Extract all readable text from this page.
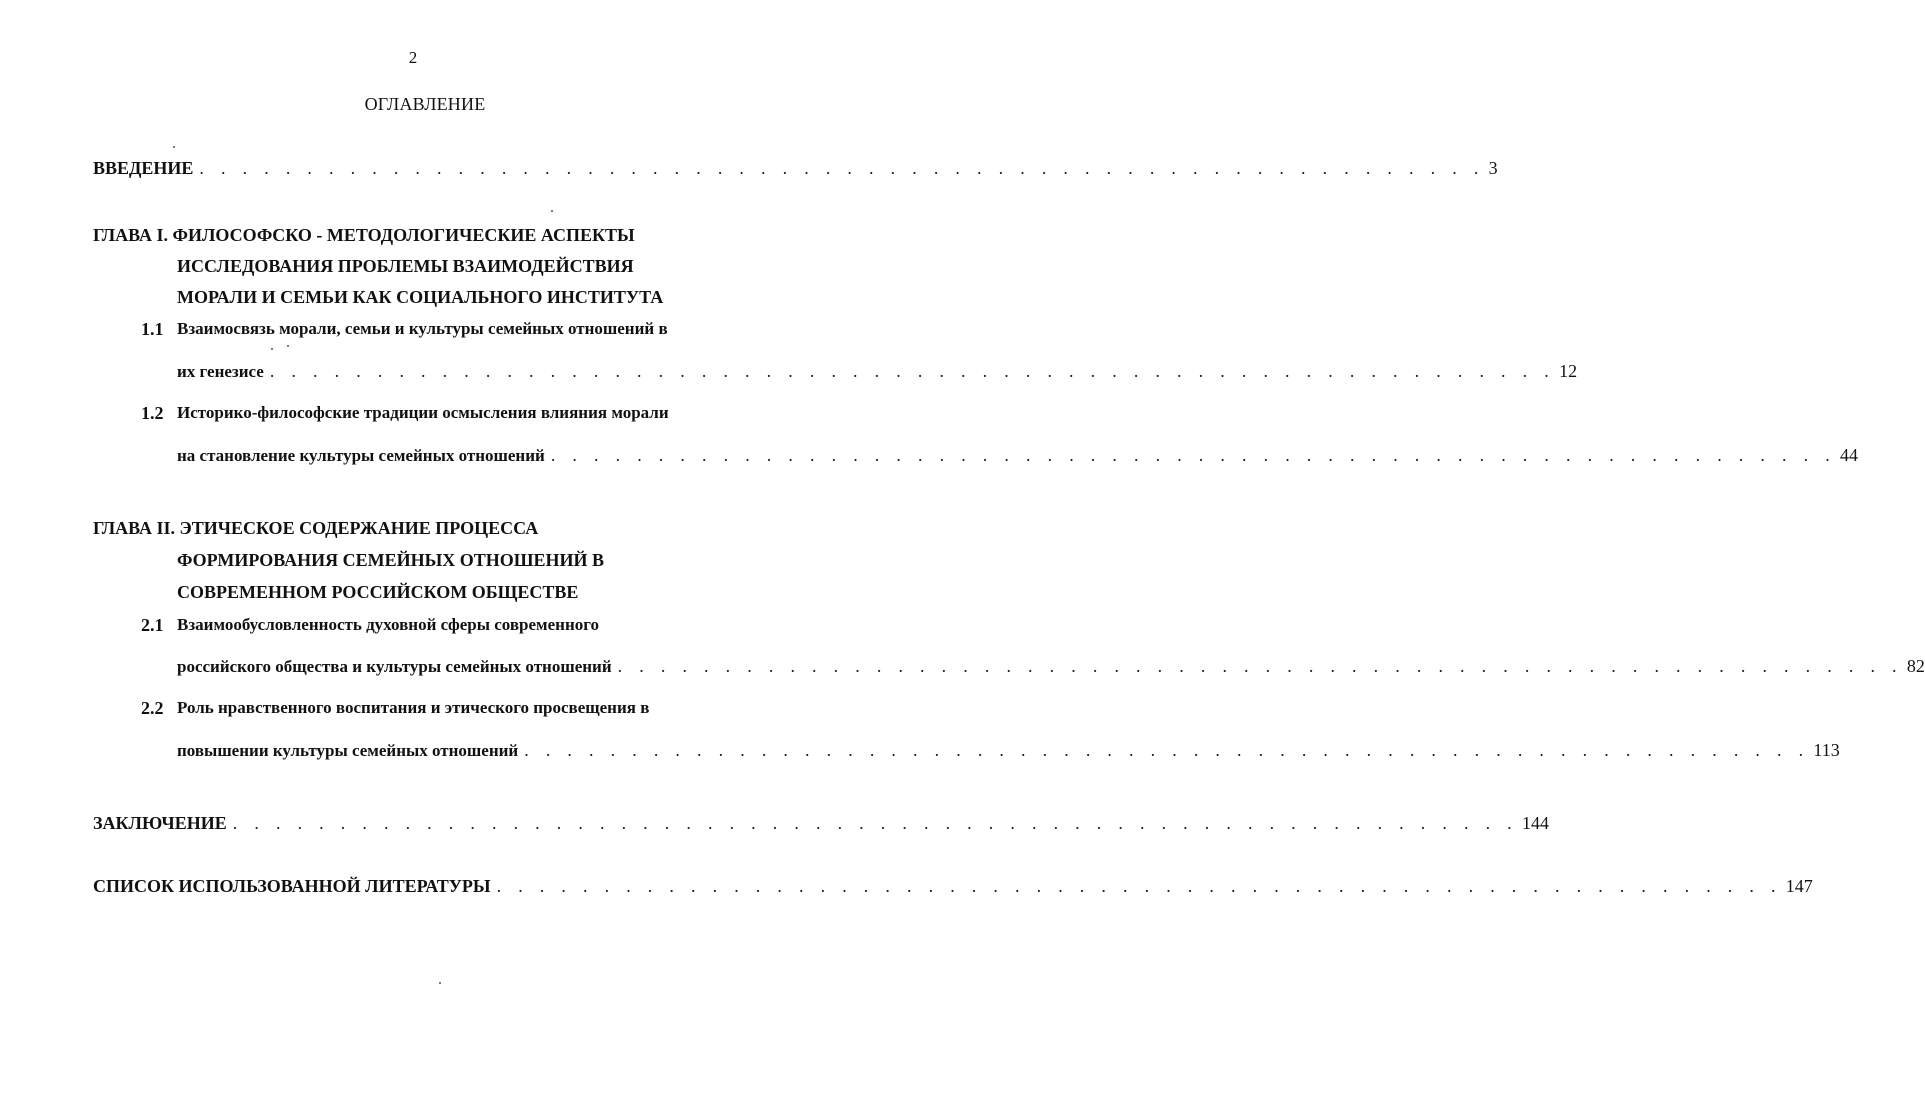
2
ОГЛАВЛЕНИЕ
ВВЕДЕНИЕ . . . . . . . . . . . . . . . . . . . . . . . . . . . . . . . . . . . . . . . . . . . . . . . . . . . . . . . . . . . . 3
ГЛАВА I. ФИЛОСОФСКО - МЕТОДОЛОГИЧЕСКИЕ АСПЕКТЫ
ИССЛЕДОВАНИЯ ПРОБЛЕМЫ ВЗАИМОДЕЙСТВИЯ
МОРАЛИ И СЕМЬИ КАК СОЦИАЛЬНОГО ИНСТИТУТА
1.1 Взаимосвязь морали, семьи и культуры семейных отношений в
их генезисе . . . . . . . . . . . . . . . . . . . . . . . . . . . . . . . . . . . . . . . . . . . . . . . . . . . . . . . . . . . . 12
1.2 Историко-философские традиции осмысления влияния морали
на становление культуры семейных отношений . . . . . . . . . . . . . . . . . . . . . . . . . . . . . . . . . . . . . . . . . . . . . . . . . . . . . . . . . . . . 44
ГЛАВА II. ЭТИЧЕСКОЕ СОДЕРЖАНИЕ ПРОЦЕССА
ФОРМИРОВАНИЯ СЕМЕЙНЫХ ОТНОШЕНИЙ В
СОВРЕМЕННОМ РОССИЙСКОМ ОБЩЕСТВЕ
2.1 Взаимообусловленность духовной сферы современного
российского общества и культуры семейных отношений . . . . . . . . . . . . . . . . . . . . . . . . . . . . . . . . . . . . . . . . . . . . . . . . . . . . . . . . . . . . 82
2.2 Роль нравственного воспитания и этического просвещения в
повышении культуры семейных отношений . . . . . . . . . . . . . . . . . . . . . . . . . . . . . . . . . . . . . . . . . . . . . . . . . . . . . . . . . . . . 113
ЗАКЛЮЧЕНИЕ . . . . . . . . . . . . . . . . . . . . . . . . . . . . . . . . . . . . . . . . . . . . . . . . . . . . . . . . . . . . 144
СПИСОК ИСПОЛЬЗОВАННОЙ ЛИТЕРАТУРЫ . . . . . . . . . . . . . . . . . . . . . . . . . . . . . . . . . . . . . . . . . . . . . . . . . . . . . . . . . . . . 147
